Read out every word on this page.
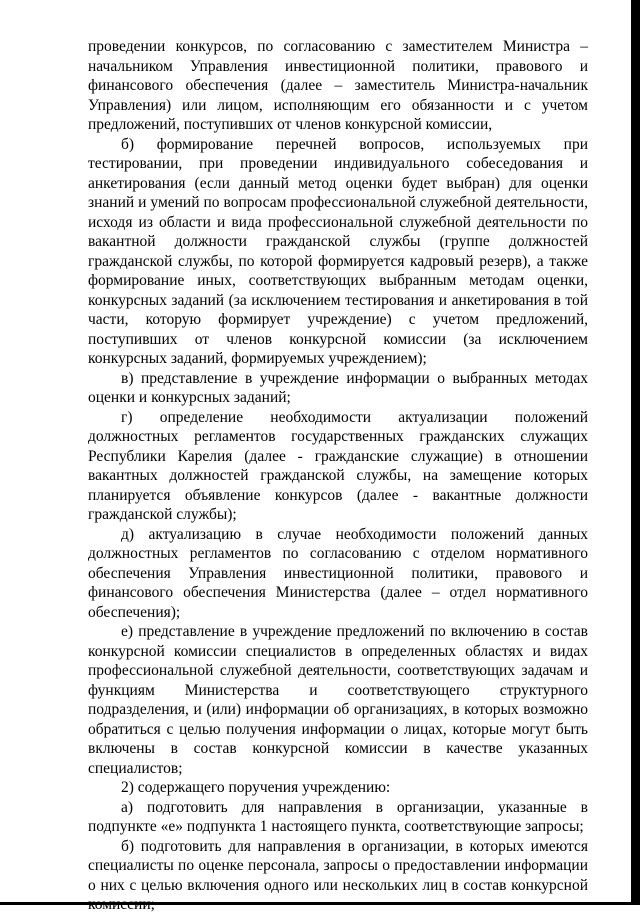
проведении конкурсов, по согласованию с заместителем Министра – начальником Управления инвестиционной политики, правового и финансового обеспечения (далее – заместитель Министра-начальник Управления) или лицом, исполняющим его обязанности и с учетом предложений, поступивших от членов конкурсной комиссии,

б) формирование перечней вопросов, используемых при тестировании, при проведении индивидуального собеседования и анкетирования (если данный метод оценки будет выбран) для оценки знаний и умений по вопросам профессиональной служебной деятельности, исходя из области и вида профессиональной служебной деятельности по вакантной должности гражданской службы (группе должностей гражданской службы, по которой формируется кадровый резерв), а также формирование иных, соответствующих выбранным методам оценки, конкурсных заданий (за исключением тестирования и анкетирования в той части, которую формирует учреждение) с учетом предложений, поступивших от членов конкурсной комиссии (за исключением конкурсных заданий, формируемых учреждением);

в) представление в учреждение информации о выбранных методах оценки и конкурсных заданий;

г) определение необходимости актуализации положений должностных регламентов государственных гражданских служащих Республики Карелия (далее - гражданские служащие) в отношении вакантных должностей гражданской службы, на замещение которых планируется объявление конкурсов (далее - вакантные должности гражданской службы);

д) актуализацию в случае необходимости положений данных должностных регламентов по согласованию с отделом нормативного обеспечения Управления инвестиционной политики, правового и финансового обеспечения Министерства (далее – отдел нормативного обеспечения);

е) представление в учреждение предложений по включению в состав конкурсной комиссии специалистов в определенных областях и видах профессиональной служебной деятельности, соответствующих задачам и функциям Министерства и соответствующего структурного подразделения, и (или) информации об организациях, в которых возможно обратиться с целью получения информации о лицах, которые могут быть включены в состав конкурсной комиссии в качестве указанных специалистов;

2) содержащего поручения учреждению:

а) подготовить для направления в организации, указанные в подпункте «е» подпункта 1 настоящего пункта, соответствующие запросы;

б) подготовить для направления в организации, в которых имеются специалисты по оценке персонала, запросы о предоставлении информации о них с целью включения одного или нескольких лиц в состав конкурсной комиссии;
